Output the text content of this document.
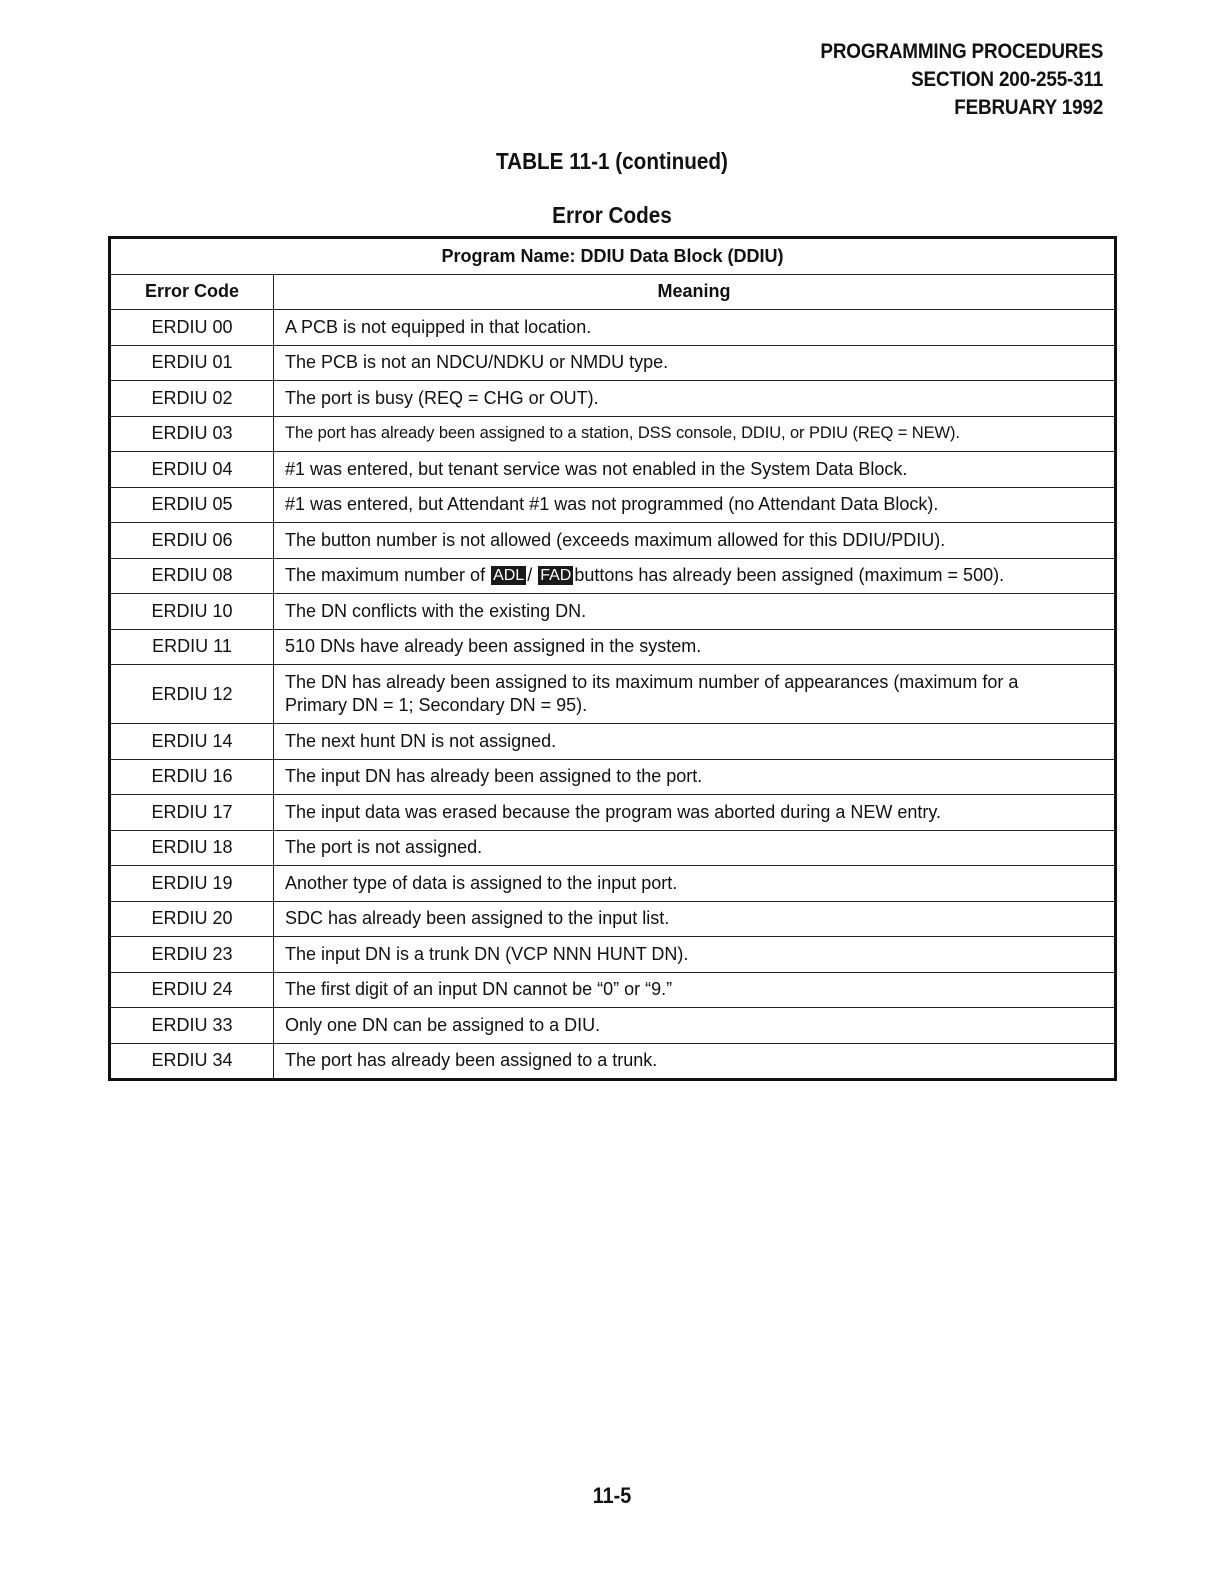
PROGRAMMING PROCEDURES
SECTION 200-255-311
FEBRUARY 1992
TABLE 11-1 (continued)
Error Codes
Program Name: DDIU Data Block (DDIU)	
Error Code	Meaning
ERDIU 00	A PCB is not equipped in that location.
ERDIU 01	The PCB is not an NDCU/NDKU or NMDU type.
ERDIU 02	The port is busy (REQ = CHG or OUT).
ERDIU 03	The port has already been assigned to a station, DSS console, DDIU, or PDIU (REQ = NEW).
ERDIU 04	#1 was entered, but tenant service was not enabled in the System Data Block.
ERDIU 05	#1 was entered, but Attendant #1 was not programmed (no Attendant Data Block).
ERDIU 06	The button number is not allowed (exceeds maximum allowed for this DDIU/PDIU).
ERDIU 08	The maximum number of ADL / FAD buttons has already been assigned (maximum = 500).
ERDIU 10	The DN conflicts with the existing DN.
ERDIU 11	510 DNs have already been assigned in the system.
ERDIU 12	The DN has already been assigned to its maximum number of appearances (maximum for a
Primary DN = 1; Secondary DN = 95).

ERDIU 14	The next hunt DN is not assigned.
ERDIU 16	The input DN has already been assigned to the port.
ERDIU 17	The input data was erased because the program was aborted during a NEW entry.
ERDIU 18	The port is not assigned.
ERDIU 19	Another type of data is assigned to the input port.
ERDIU 20	SDC has already been assigned to the input list.
ERDIU 23	The input DN is a trunk DN (VCP NNN HUNT DN).
ERDIU 24	The first digit of an input DN cannot be “0” or “9.”
ERDIU 33	Only one DN can be assigned to a DIU.
ERDIU 34	The port has already been assigned to a trunk.
11-5
